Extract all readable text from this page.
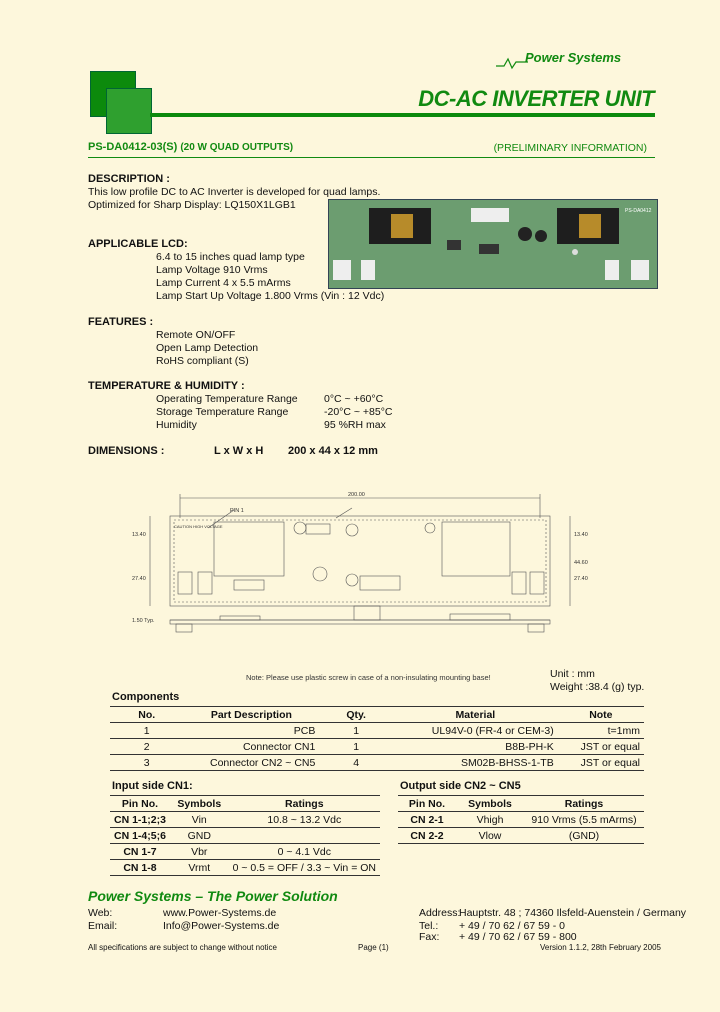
Power Systems
DC-AC INVERTER UNIT
PS-DA0412-03(S) (20 W QUAD OUTPUTS)	(PRELIMINARY INFORMATION)
DESCRIPTION :
This low profile DC to AC Inverter is developed for quad lamps.
Optimized for Sharp Display: LQ150X1LGB1	PS-DA0412
APPLICABLE LCD:
6.4 to 15 inches quad lamp type
Lamp Voltage 910 Vrms
Lamp Current 4 x 5.5 mArms
Lamp Start Up Voltage 1.800 Vrms (Vin : 12 Vdc)
FEATURES :
Remote ON/OFF
Open Lamp Detection
RoHS compliant (S)
TEMPERATURE & HUMIDITY :
Operating Temperature Range	0°C ~ +60°C
Storage Temperature Range	-20°C ~ +85°C
Humidity	95 %RH max
DIMENSIONS :	L x W x H 200 x 44 x 12 mm
200.00
13.40
27.40
13.40
44.60
27.40
1.50 Typ.
PIN 1
CAUTION HIGH VOLTAGE
Note: Please use plastic screw in case of a non-insulating mounting base!	Unit : mm
Weight :38.4 (g) typ.
Components
No.	Part Description	Qty.	Material	Note
1	PCB	1	UL94V-0 (FR-4 or CEM-3)	t=1mm
2	Connector CN1	1	B8B-PH-K	JST or equal
3	Connector CN2 ~ CN5	4	SM02B-BHSS-1-TB	JST or equal
Input side CN1:
Pin No.	Symbols	Ratings
CN 1-1;2;3	Vin	10.8 ~ 13.2 Vdc
CN 1-4;5;6	GND	
CN 1-7	Vbr	0 ~ 4.1 Vdc
CN 1-8	Vrmt	0 ~ 0.5 = OFF / 3.3 ~ Vin = ON
Output side CN2 ~ CN5
Pin No.	Symbols	Ratings
CN 2-1	Vhigh	910 Vrms (5.5 mArms)
CN 2-2	Vlow	(GND)
Power Systems – The Power Solution
Web:	www.Power-Systems.de
Email:	Info@Power-Systems.de
Address:
Hauptstr. 48 ; 74360 Ilsfeld-Auenstein / Germany
Tel.: + 49 / 70 62 / 67 59 - 0
Fax: + 49 / 70 62 / 67 59 - 800
All specifications are subject to change without notice	Page (1)	Version 1.1.2, 28th February 2005
